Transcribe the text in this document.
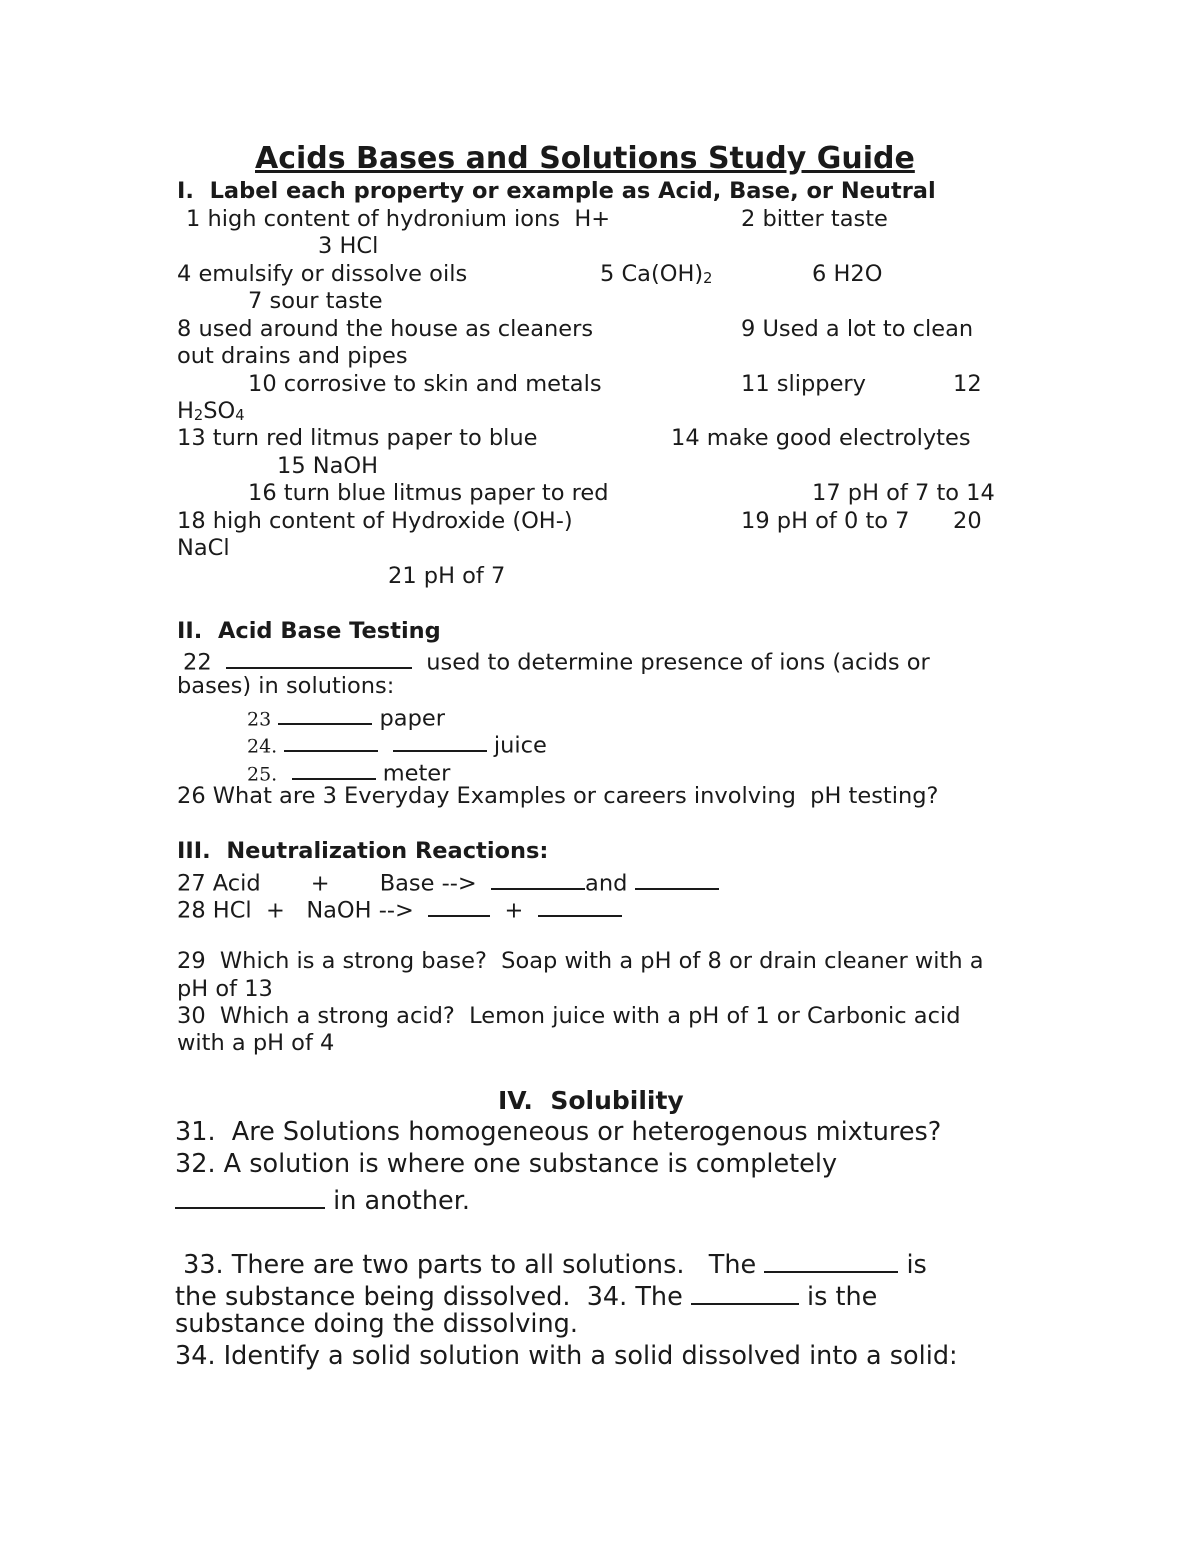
Acids Bases and Solutions Study Guide
I.  Label each property or example as Acid, Base, or Neutral
1 high content of hydronium ions  H+	2 bitter taste
3 HCl
4 emulsify or dissolve oils	5 $Ca(OH)_2$	6 H2O
7 sour taste
8 used around the house as cleaners	9 Used a lot to clean
out drains and pipes
10 corrosive to skin and metals	11 slippery	12
$H_2SO_4$
13 turn red litmus paper to blue	14 make good electrolytes
15 NaOH
16 turn blue litmus paper to red	17 pH of 7 to 14
18 high content of Hydroxide (OH-)	19 pH of 0 to 7 20
NaCl
21 pH of 7
II.  Acid Base Testing
22	used to determine presence of ions (acids or
bases) in solutions:
23	paper
24.	juice
25.	meter
26 What are 3 Everyday Examples or careers involving  pH testing?
III.  Neutralization Reactions:
27 Acid + Base -->	and
28 HCl + NaOH -->	+
29  Which is a strong base?  Soap with a pH of 8 or drain cleaner with a
pH of 13
30  Which a strong acid?  Lemon juice with a pH of 1 or Carbonic acid
with a pH of 4
IV.  Solubility
31.  Are Solutions homogeneous or heterogenous mixtures?
32. A solution is where one substance is completely
in another.
33. There are two parts to all solutions.   The	is
the substance being dissolved.  34. The	is the
substance doing the dissolving.
34. Identify a solid solution with a solid dissolved into a solid:
